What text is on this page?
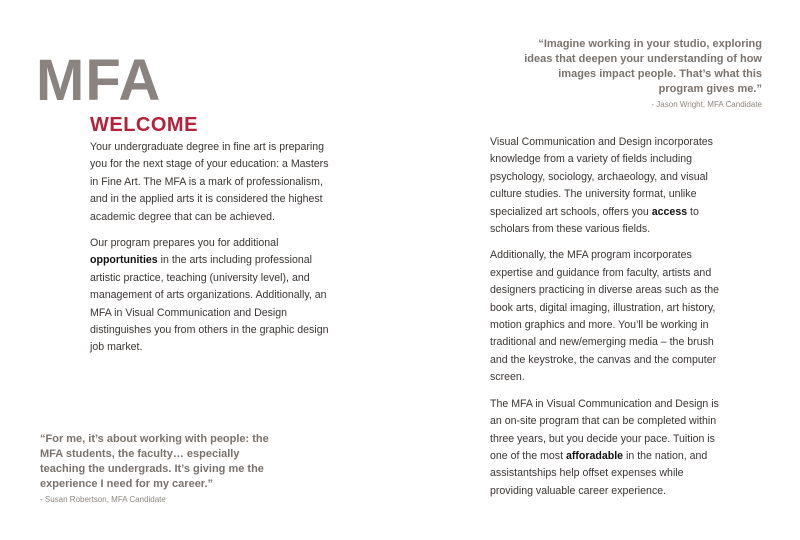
MFA
WELCOME

Your undergraduate degree in fine art is preparing you for the next stage of your education: a Masters in Fine Art. The MFA is a mark of professionalism, and in the applied arts it is considered the highest academic degree that can be achieved.

Our program prepares you for additional opportunities in the arts including professional artistic practice, teaching (university level), and management of arts organizations. Additionally, an MFA in Visual Communication and Design distinguishes you from others in the graphic design job market.

“For me, it’s about working with people: the MFA students, the faculty… especially teaching the undergrads. It’s giving me the experience I need for my career.”

- Susan Robertson, MFA Candidate

“Imagine working in your studio, exploring ideas that deepen your understanding of how images impact people. That’s what this program gives me.”

- Jason Wright, MFA Candidate

Visual Communication and Design incorporates knowledge from a variety of fields including psychology, sociology, archaeology, and visual culture studies. The university format, unlike specialized art schools, offers you access to scholars from these various fields.

Additionally, the MFA program incorporates expertise and guidance from faculty, artists and designers practicing in diverse areas such as the book arts, digital imaging, illustration, art history, motion graphics and more. You’ll be working in traditional and new/emerging media – the brush and the keystroke, the canvas and the computer screen.

The MFA in Visual Communication and Design is an on-site program that can be completed within three years, but you decide your pace. Tuition is one of the most afforadable in the nation, and assistantships help offset expenses while providing valuable career experience.
